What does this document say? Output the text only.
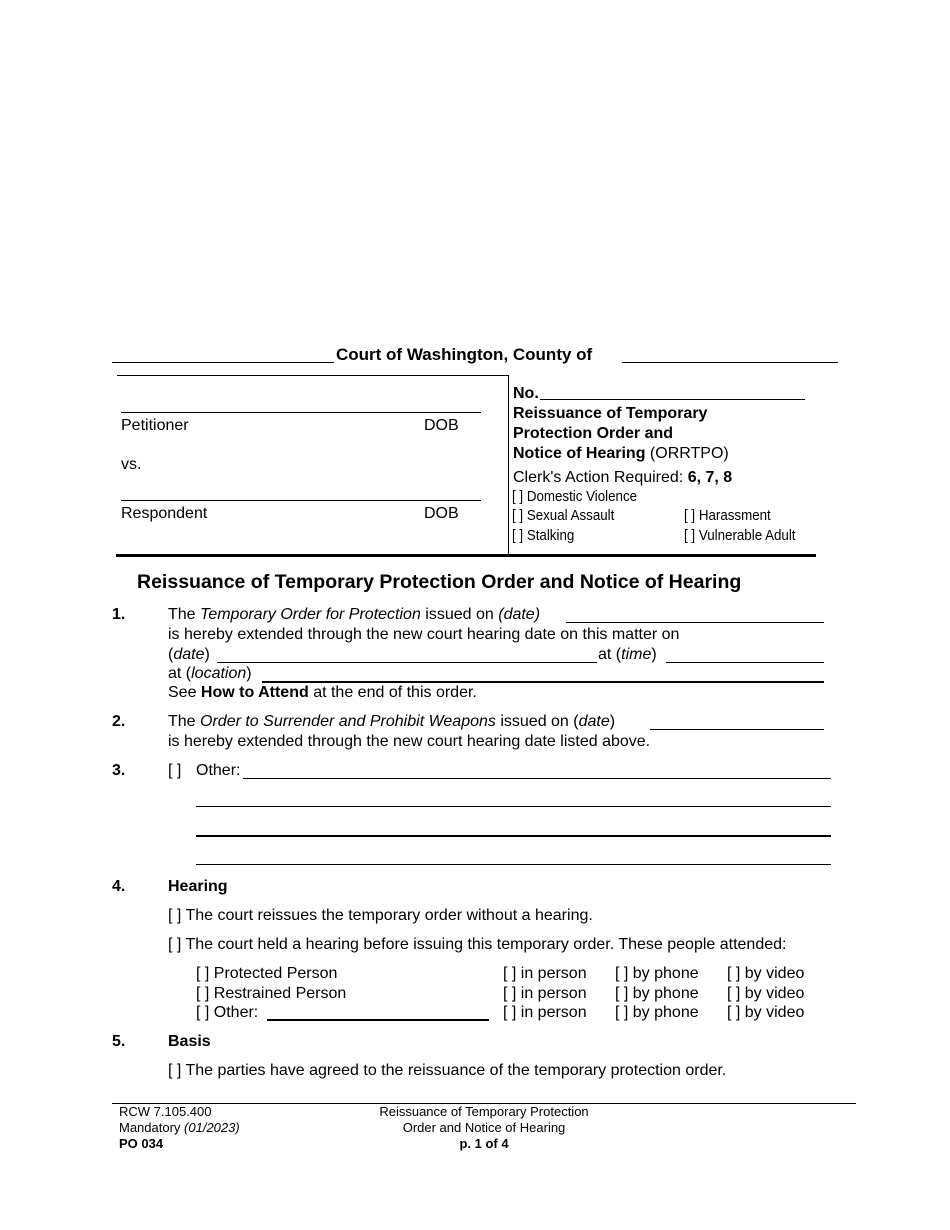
Court of Washington, County of
Petitioner	DOB
vs.
Respondent	DOB
No.
Reissuance of Temporary
Protection Order and
Notice of Hearing (ORRTPO)
Clerk's Action Required: 6, 7, 8
[ ] Domestic Violence
[ ] Sexual Assault	[ ] Harassment
[ ] Stalking	[ ] Vulnerable Adult
Reissuance of Temporary Protection Order and Notice of Hearing
1.	The Temporary Order for Protection issued on (date)
is hereby extended through the new court hearing date on this matter on
(date)	at (time)
at (location)
See How to Attend at the end of this order.
2.	The Order to Surrender and Prohibit Weapons issued on (date)
is hereby extended through the new court hearing date listed above.
3.	[ ] Other:
4.	Hearing
[ ] The court reissues the temporary order without a hearing.
[ ] The court held a hearing before issuing this temporary order. These people attended:
[ ] Protected Person	[ ] in person [ ] by phone [ ] by video
[ ] Restrained Person	[ ] in person [ ] by phone [ ] by video
[ ] Other:	[ ] in person [ ] by phone [ ] by video
5.	Basis
[ ] The parties have agreed to the reissuance of the temporary protection order.
RCW 7.105.400
Mandatory (01/2023)
PO 034
Reissuance of Temporary Protection
Order and Notice of Hearing
p. 1 of 4
